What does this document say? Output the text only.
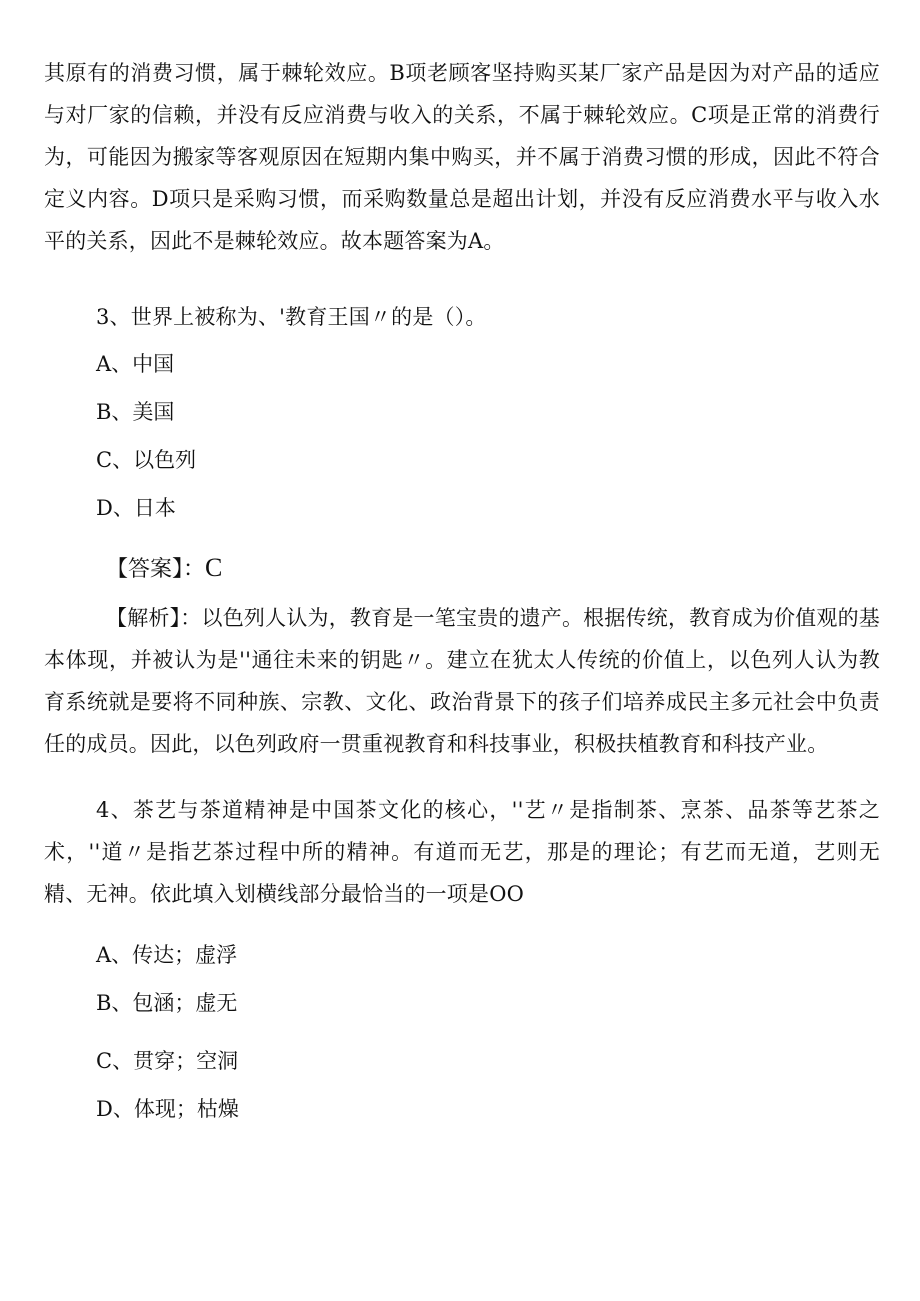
其原有的消费习惯，属于棘轮效应。B项老顾客坚持购买某厂家产品是因为对产品的适应与对厂家的信赖，并没有反应消费与收入的关系，不属于棘轮效应。C项是正常的消费行为，可能因为搬家等客观原因在短期内集中购买，并不属于消费习惯的形成，因此不符合定义内容。D项只是采购习惯，而采购数量总是超出计划，并没有反应消费水平与收入水平的关系，因此不是棘轮效应。故本题答案为A。

3、世界上被称为、'教育王国〃的是（）。

A、中国

B、美国

C、以色列

D、日本

【答案】：C

【解析】：以色列人认为，教育是一笔宝贵的遗产。根据传统，教育成为价值观的基本体现，并被认为是''通往未来的钥匙〃。建立在犹太人传统的价值上，以色列人认为教育系统就是要将不同种族、宗教、文化、政治背景下的孩子们培养成民主多元社会中负责任的成员。因此，以色列政府一贯重视教育和科技事业，积极扶植教育和科技产业。

4、茶艺与茶道精神是中国茶文化的核心，''艺〃是指制茶、烹茶、品茶等艺茶之术，''道〃是指艺茶过程中所的精神。有道而无艺，那是的理论；有艺而无道，艺则无精、无神。依此填入划横线部分最恰当的一项是OO

A、传达；虚浮

B、包涵；虚无

C、贯穿；空洞

D、体现；枯燥
